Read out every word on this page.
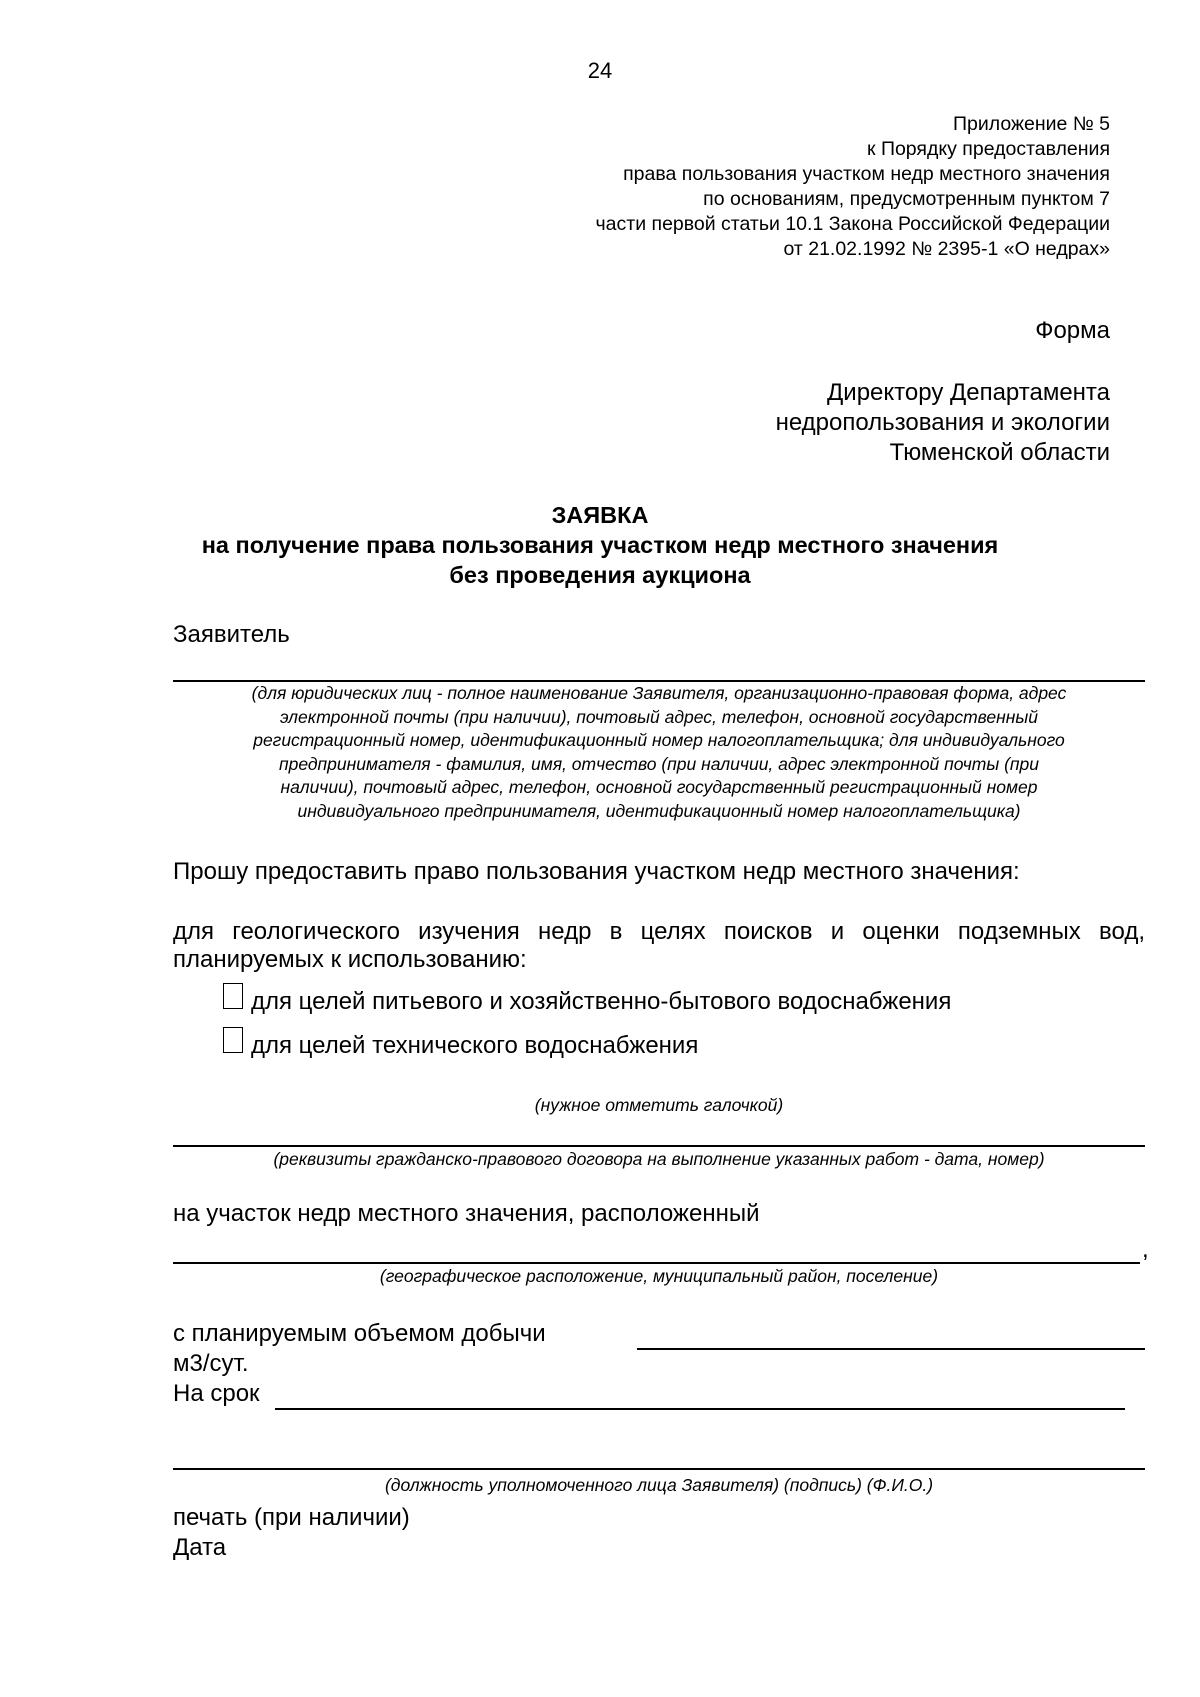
24
Приложение № 5
к Порядку предоставления
права пользования участком недр местного значения
по основаниям, предусмотренным пунктом 7
части первой статьи 10.1 Закона Российской Федерации
от 21.02.1992 № 2395-1 «О недрах»
Форма
Директору Департамента
недропользования и экологии
Тюменской области
ЗАЯВКА
на получение права пользования участком недр местного значения
без проведения аукциона
Заявитель
(для юридических лиц - полное наименование Заявителя, организационно-правовая форма, адрес
электронной почты (при наличии), почтовый адрес, телефон, основной государственный
регистрационный номер, идентификационный номер налогоплательщика; для индивидуального
предпринимателя - фамилия, имя, отчество (при наличии, адрес электронной почты (при
наличии), почтовый адрес, телефон, основной государственный регистрационный номер
индивидуального предпринимателя, идентификационный номер налогоплательщика)
Прошу предоставить право пользования участком недр местного значения:
для геологического изучения недр в целях поисков и оценки подземных вод,
планируемых к использованию:
для целей питьевого и хозяйственно-бытового водоснабжения
для целей технического водоснабжения
(нужное отметить галочкой)
(реквизиты гражданско-правового договора на выполнение указанных работ - дата, номер)
на участок недр местного значения, расположенный
,
(географическое расположение, муниципальный район, поселение)
с планируемым объемом добычи
м3/сут.
На срок
(должность уполномоченного лица Заявителя) (подпись) (Ф.И.О.)
печать (при наличии)
Дата
